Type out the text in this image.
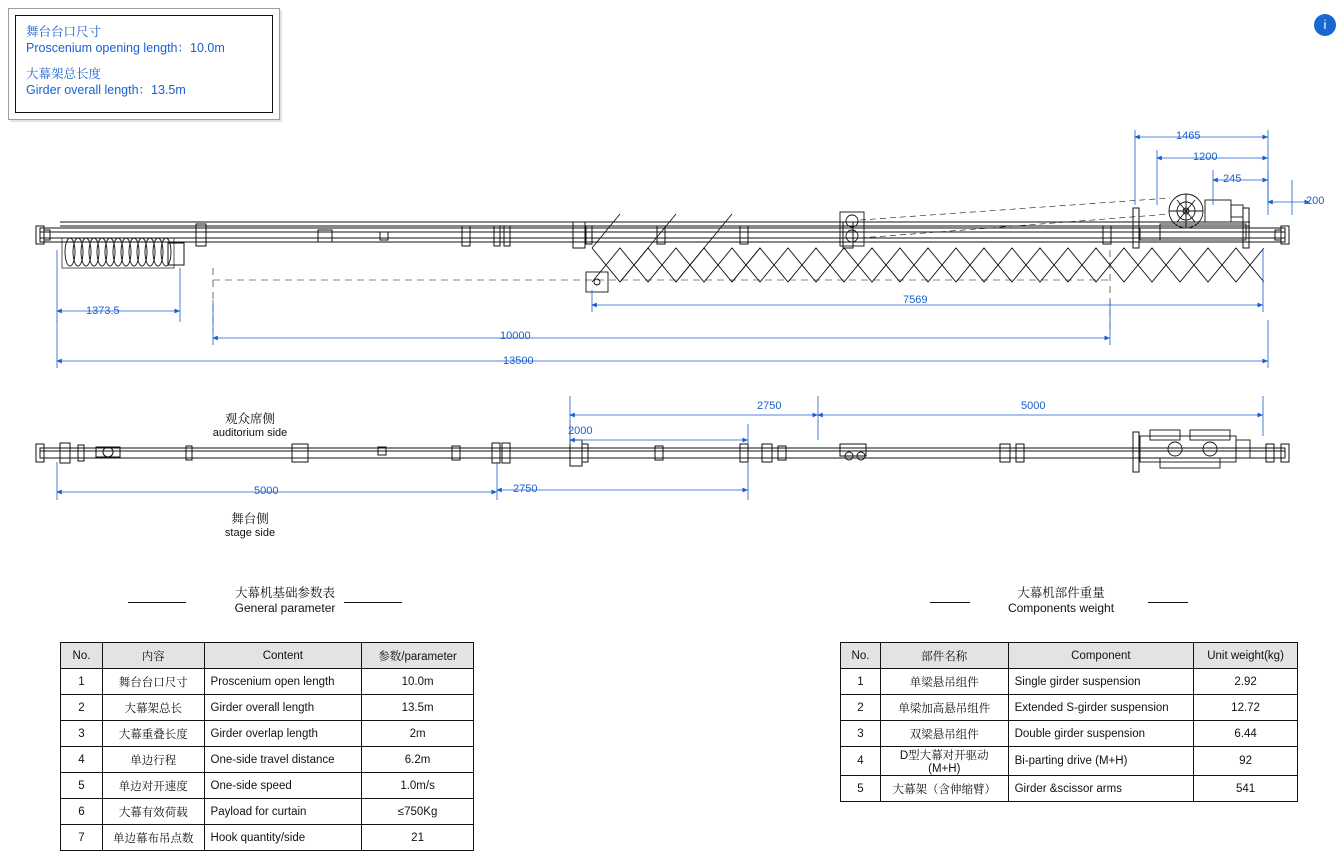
舞台台口尺寸
Proscenium opening length：10.0m
大幕架总长度
Girder overall length：13.5m
i
1465
1200
245
200
1373.5
7569
10000
13500
2000
2750	5000
5000	2750
观众席侧
auditorium side
舞台侧
stage side
大幕机基础参数表
General parameter
大幕机部件重量
Components weight
No.	内容	Content	参数/parameter
1	舞台台口尺寸	Proscenium open length	10.0m
2	大幕架总长	Girder overall length	13.5m
3	大幕重叠长度	Girder overlap length	2m
4	单边行程	One-side travel distance	6.2m
5	单边对开速度	One-side speed	1.0m/s
6	大幕有效荷载	Payload for curtain	≤750Kg
7	单边幕布吊点数	Hook quantity/side	21
No.	部件名称	Component	Unit weight(kg)
1	单梁悬吊组件	Single girder suspension	2.92
2	单梁加高悬吊组件	Extended S-girder suspension	12.72
3	双梁悬吊组件	Double girder suspension	6.44
4	D型大幕对开驱动(M+H)	Bi-parting drive (M+H)	92
5	大幕架（含伸缩臂）	Girder &scissor arms	541
